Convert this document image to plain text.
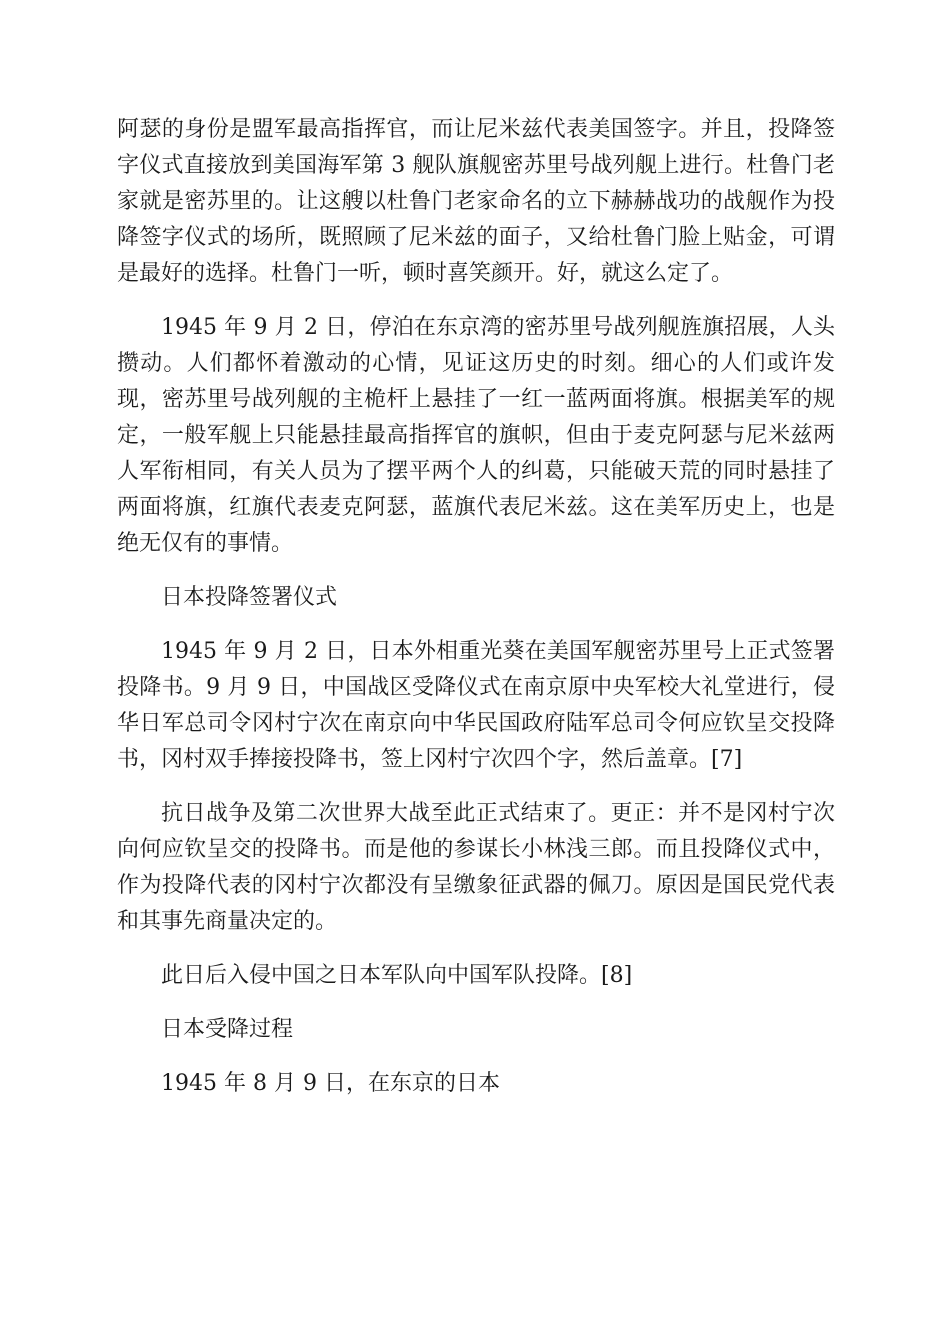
阿瑟的身份是盟军最高指挥官，而让尼米兹代表美国签字。并且，投降签字仪式直接放到美国海军第 3 舰队旗舰密苏里号战列舰上进行。杜鲁门老家就是密苏里的。让这艘以杜鲁门老家命名的立下赫赫战功的战舰作为投降签字仪式的场所，既照顾了尼米兹的面子，又给杜鲁门脸上贴金，可谓是最好的选择。杜鲁门一听，顿时喜笑颜开。好，就这么定了。

1945 年 9 月 2 日，停泊在东京湾的密苏里号战列舰旌旗招展，人头攒动。人们都怀着激动的心情，见证这历史的时刻。细心的人们或许发现，密苏里号战列舰的主桅杆上悬挂了一红一蓝两面将旗。根据美军的规定，一般军舰上只能悬挂最高指挥官的旗帜，但由于麦克阿瑟与尼米兹两人军衔相同，有关人员为了摆平两个人的纠葛，只能破天荒的同时悬挂了两面将旗，红旗代表麦克阿瑟，蓝旗代表尼米兹。这在美军历史上，也是绝无仅有的事情。

日本投降签署仪式

1945 年 9 月 2 日，日本外相重光葵在美国军舰密苏里号上正式签署投降书。9 月 9 日，中国战区受降仪式在南京原中央军校大礼堂进行，侵华日军总司令冈村宁次在南京向中华民国政府陆军总司令何应钦呈交投降书，冈村双手捧接投降书，签上冈村宁次四个字，然后盖章。[7]

抗日战争及第二次世界大战至此正式结束了。更正：并不是冈村宁次向何应钦呈交的投降书。而是他的参谋长小林浅三郎。而且投降仪式中，作为投降代表的冈村宁次都没有呈缴象征武器的佩刀。原因是国民党代表和其事先商量决定的。

此日后入侵中国之日本军队向中国军队投降。[8]

日本受降过程

1945 年 8 月 9 日，在东京的日本
